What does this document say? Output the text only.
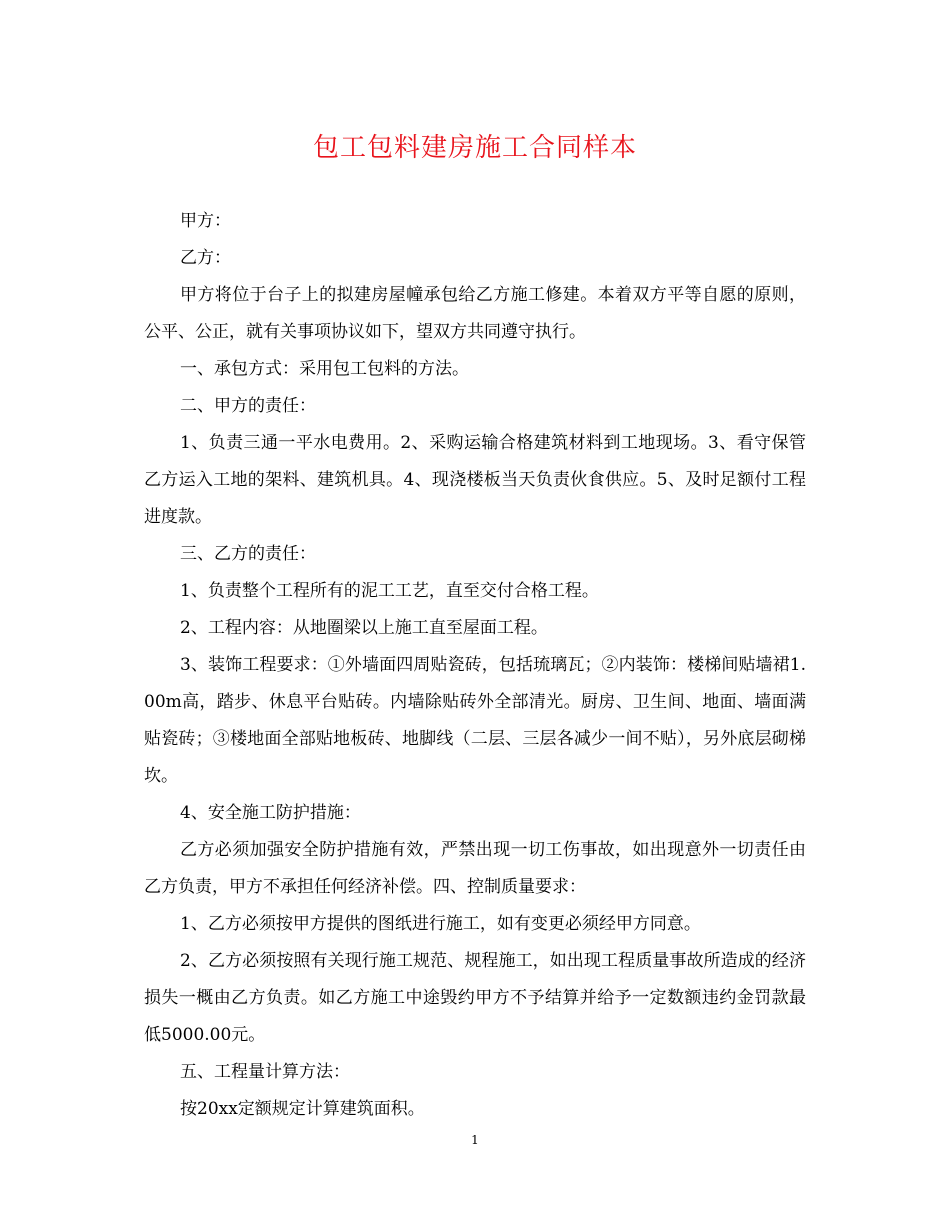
包工包料建房施工合同样本

甲方：

乙方：

甲方将位于台子上的拟建房屋幢承包给乙方施工修建。本着双方平等自愿的原则，公平、公正，就有关事项协议如下，望双方共同遵守执行。

一、承包方式：采用包工包料的方法。

二、甲方的责任：

1、负责三通一平水电费用。2、采购运输合格建筑材料到工地现场。3、看守保管乙方运入工地的架料、建筑机具。4、现浇楼板当天负责伙食供应。5、及时足额付工程进度款。

三、乙方的责任：

1、负责整个工程所有的泥工工艺，直至交付合格工程。

2、工程内容：从地圈梁以上施工直至屋面工程。

3、装饰工程要求：①外墙面四周贴瓷砖，包括琉璃瓦；②内装饰：楼梯间贴墙裙1.00m高，踏步、休息平台贴砖。内墙除贴砖外全部清光。厨房、卫生间、地面、墙面满贴瓷砖；③楼地面全部贴地板砖、地脚线（二层、三层各减少一间不贴），另外底层砌梯坎。

4、安全施工防护措施：

乙方必须加强安全防护措施有效，严禁出现一切工伤事故，如出现意外一切责任由乙方负责，甲方不承担任何经济补偿。四、控制质量要求：

1、乙方必须按甲方提供的图纸进行施工，如有变更必须经甲方同意。

2、乙方必须按照有关现行施工规范、规程施工，如出现工程质量事故所造成的经济损失一概由乙方负责。如乙方施工中途毁约甲方不予结算并给予一定数额违约金罚款最低5000.00元。

五、工程量计算方法：

按20xx定额规定计算建筑面积。

1
